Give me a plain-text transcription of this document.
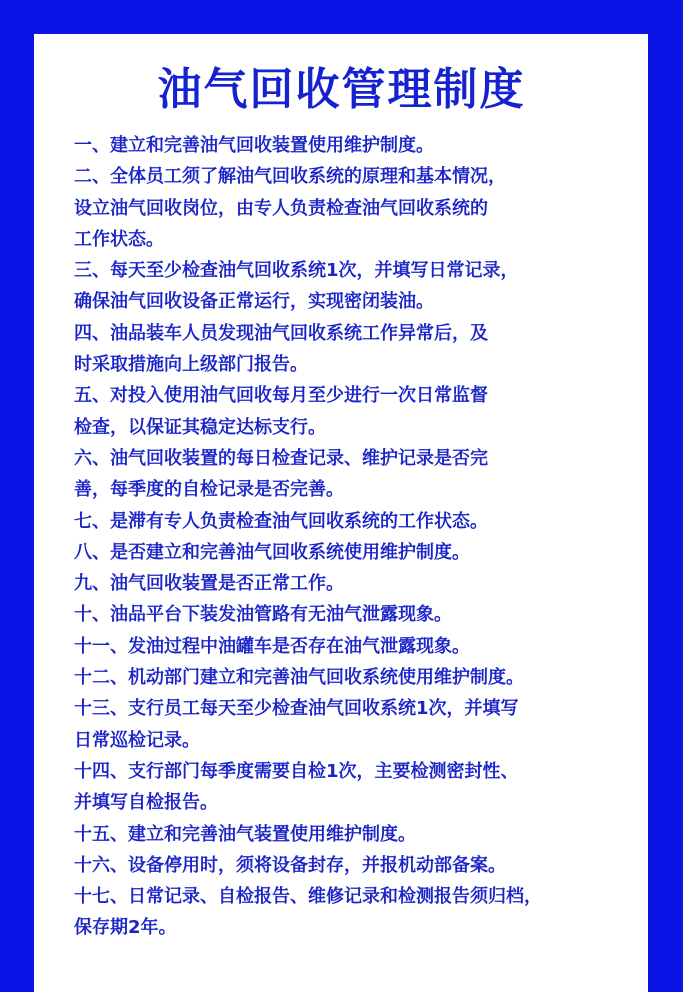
油气回收管理制度
一、建立和完善油气回收装置使用维护制度。
二、全体员工须了解油气回收系统的原理和基本情况，
设立油气回收岗位，由专人负责检查油气回收系统的
工作状态。
三、每天至少检查油气回收系统1次，并填写日常记录，
确保油气回收设备正常运行，实现密闭装油。
四、油品装车人员发现油气回收系统工作异常后，及
时采取措施向上级部门报告。
五、对投入使用油气回收每月至少进行一次日常监督
检查，以保证其稳定达标支行。
六、油气回收装置的每日检查记录、维护记录是否完
善，每季度的自检记录是否完善。
七、是滞有专人负责检查油气回收系统的工作状态。
八、是否建立和完善油气回收系统使用维护制度。
九、油气回收装置是否正常工作。
十、油品平台下装发油管路有无油气泄露现象。
十一、发油过程中油罐车是否存在油气泄露现象。
十二、机动部门建立和完善油气回收系统使用维护制度。
十三、支行员工每天至少检查油气回收系统1次，并填写
日常巡检记录。
十四、支行部门每季度需要自检1次，主要检测密封性、
并填写自检报告。
十五、建立和完善油气装置使用维护制度。
十六、设备停用时，须将设备封存，并报机动部备案。
十七、日常记录、自检报告、维修记录和检测报告须归档，
保存期2年。
